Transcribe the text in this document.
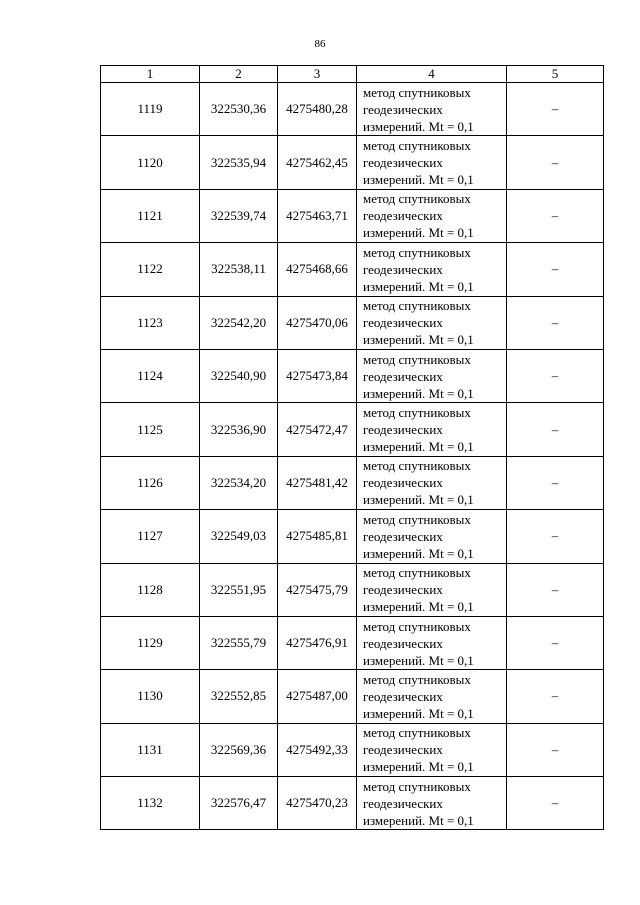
86
1	2	3	4	5
1119	322530,36	4275480,28	метод спутниковых
геодезических
измерений. Mt = 0,1	–
1120	322535,94	4275462,45	метод спутниковых
геодезических
измерений. Mt = 0,1	–
1121	322539,74	4275463,71	метод спутниковых
геодезических
измерений. Mt = 0,1	–
1122	322538,11	4275468,66	метод спутниковых
геодезических
измерений. Mt = 0,1	–
1123	322542,20	4275470,06	метод спутниковых
геодезических
измерений. Mt = 0,1	–
1124	322540,90	4275473,84	метод спутниковых
геодезических
измерений. Mt = 0,1	–
1125	322536,90	4275472,47	метод спутниковых
геодезических
измерений. Mt = 0,1	–
1126	322534,20	4275481,42	метод спутниковых
геодезических
измерений. Mt = 0,1	–
1127	322549,03	4275485,81	метод спутниковых
геодезических
измерений. Mt = 0,1	–
1128	322551,95	4275475,79	метод спутниковых
геодезических
измерений. Mt = 0,1	–
1129	322555,79	4275476,91	метод спутниковых
геодезических
измерений. Mt = 0,1	–
1130	322552,85	4275487,00	метод спутниковых
геодезических
измерений. Mt = 0,1	–
1131	322569,36	4275492,33	метод спутниковых
геодезических
измерений. Mt = 0,1	–
1132	322576,47	4275470,23	метод спутниковых
геодезических
измерений. Mt = 0,1	–
